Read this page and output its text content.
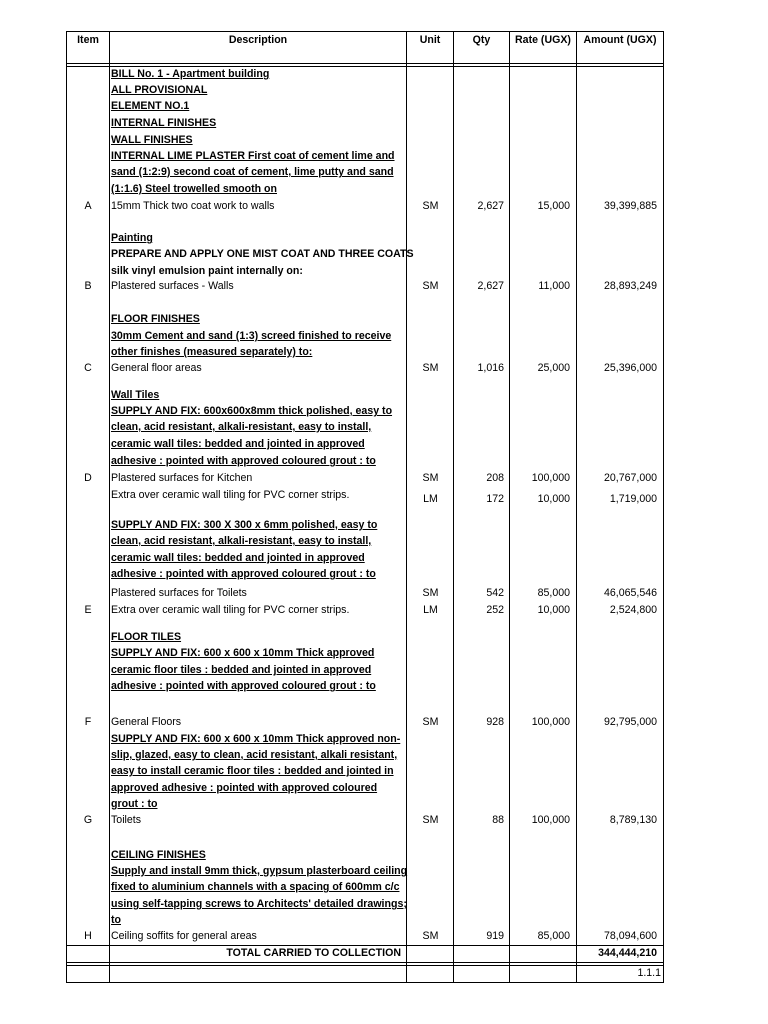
Item	Description	Unit	Qty	Rate (UGX)	Amount (UGX)
BILL No. 1 - Apartment building
ALL PROVISIONAL
ELEMENT NO.1
INTERNAL FINISHES
WALL FINISHES
INTERNAL LIME PLASTER First coat of cement lime and
sand (1:2:9) second coat of cement, lime putty and sand
(1:1.6) Steel trowelled smooth on
A	15mm Thick two coat work to walls	SM	2,627	15,000	39,399,885
Painting
PREPARE AND APPLY ONE MIST COAT AND THREE COATS
silk vinyl emulsion paint internally on:
B	Plastered surfaces - Walls	SM	2,627	11,000	28,893,249
FLOOR FINISHES
30mm Cement and sand (1:3) screed finished to receive
other finishes (measured separately) to:
C	General floor areas	SM	1,016	25,000	25,396,000
Wall Tiles
SUPPLY AND FIX: 600x600x8mm thick polished, easy to
clean, acid resistant, alkali-resistant, easy to install,
ceramic wall tiles: bedded and jointed in approved
adhesive : pointed with approved coloured grout : to
D	Plastered surfaces for Kitchen	SM	208	100,000	20,767,000
Extra over ceramic wall tiling for PVC corner strips.	LM	172	10,000	1,719,000
SUPPLY AND FIX: 300 X 300 x 6mm polished, easy to
clean, acid resistant, alkali-resistant, easy to install,
ceramic wall tiles: bedded and jointed in approved
adhesive : pointed with approved coloured grout : to
Plastered surfaces for Toilets	SM	542	85,000	46,065,546
E	Extra over ceramic wall tiling for PVC corner strips.	LM	252	10,000	2,524,800
FLOOR TILES
SUPPLY AND FIX: 600 x 600 x 10mm Thick approved
ceramic floor tiles : bedded and jointed in approved
adhesive : pointed with approved coloured grout : to
F	General Floors	SM	928	100,000	92,795,000
SUPPLY AND FIX: 600 x 600 x 10mm Thick approved non-
slip, glazed, easy to clean, acid resistant, alkali resistant,
easy to install ceramic floor tiles : bedded and jointed in
approved adhesive : pointed with approved coloured
grout : to
G	Toilets	SM	88	100,000	8,789,130
CEILING FINISHES
Supply and install 9mm thick, gypsum plasterboard ceiling
fixed to aluminium channels with a spacing of 600mm c/c
using self-tapping screws to Architects' detailed drawings;
to
H	Ceiling soffits for general areas	SM	919	85,000	78,094,600
TOTAL CARRIED TO COLLECTION	344,444,210
1.1.1
